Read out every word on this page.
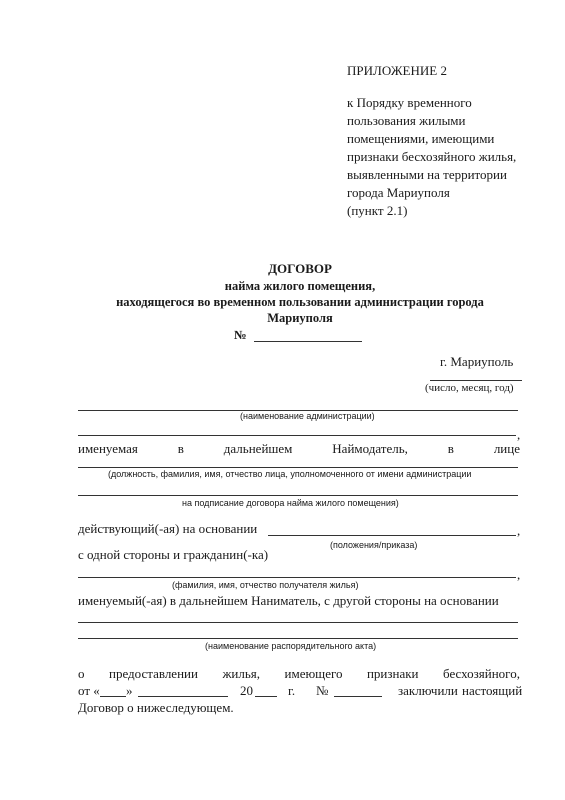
ПРИЛОЖЕНИЕ 2
к Порядку временного
пользования жилыми
помещениями, имеющими
признаки бесхозяйного жилья,
выявленными на территории
города Мариуполя
(пункт 2.1)
ДОГОВОР
найма жилого помещения,
находящегося во временном пользовании администрации города
Мариуполя
№
г. Мариуполь
(число, месяц, год)
(наименование администрации)
,
именуемая	в	дальнейшем	Наймодатель,	в	лице
(должность, фамилия, имя, отчество лица, уполномоченного от имени администрации
на подписание договора найма жилого помещения)
действующий(-ая) на основании	,
(положения/приказа)
с одной стороны и гражданин(-ка)
,
(фамилия, имя, отчество получателя жилья)
именуемый(-ая) в дальнейшем Наниматель, с другой стороны на основании
(наименование распорядительного акта)
о предоставлении жилья, имеющего признаки бесхозяйного,
от « »	20	г. №	заключили настоящий
Договор о нижеследующем.
